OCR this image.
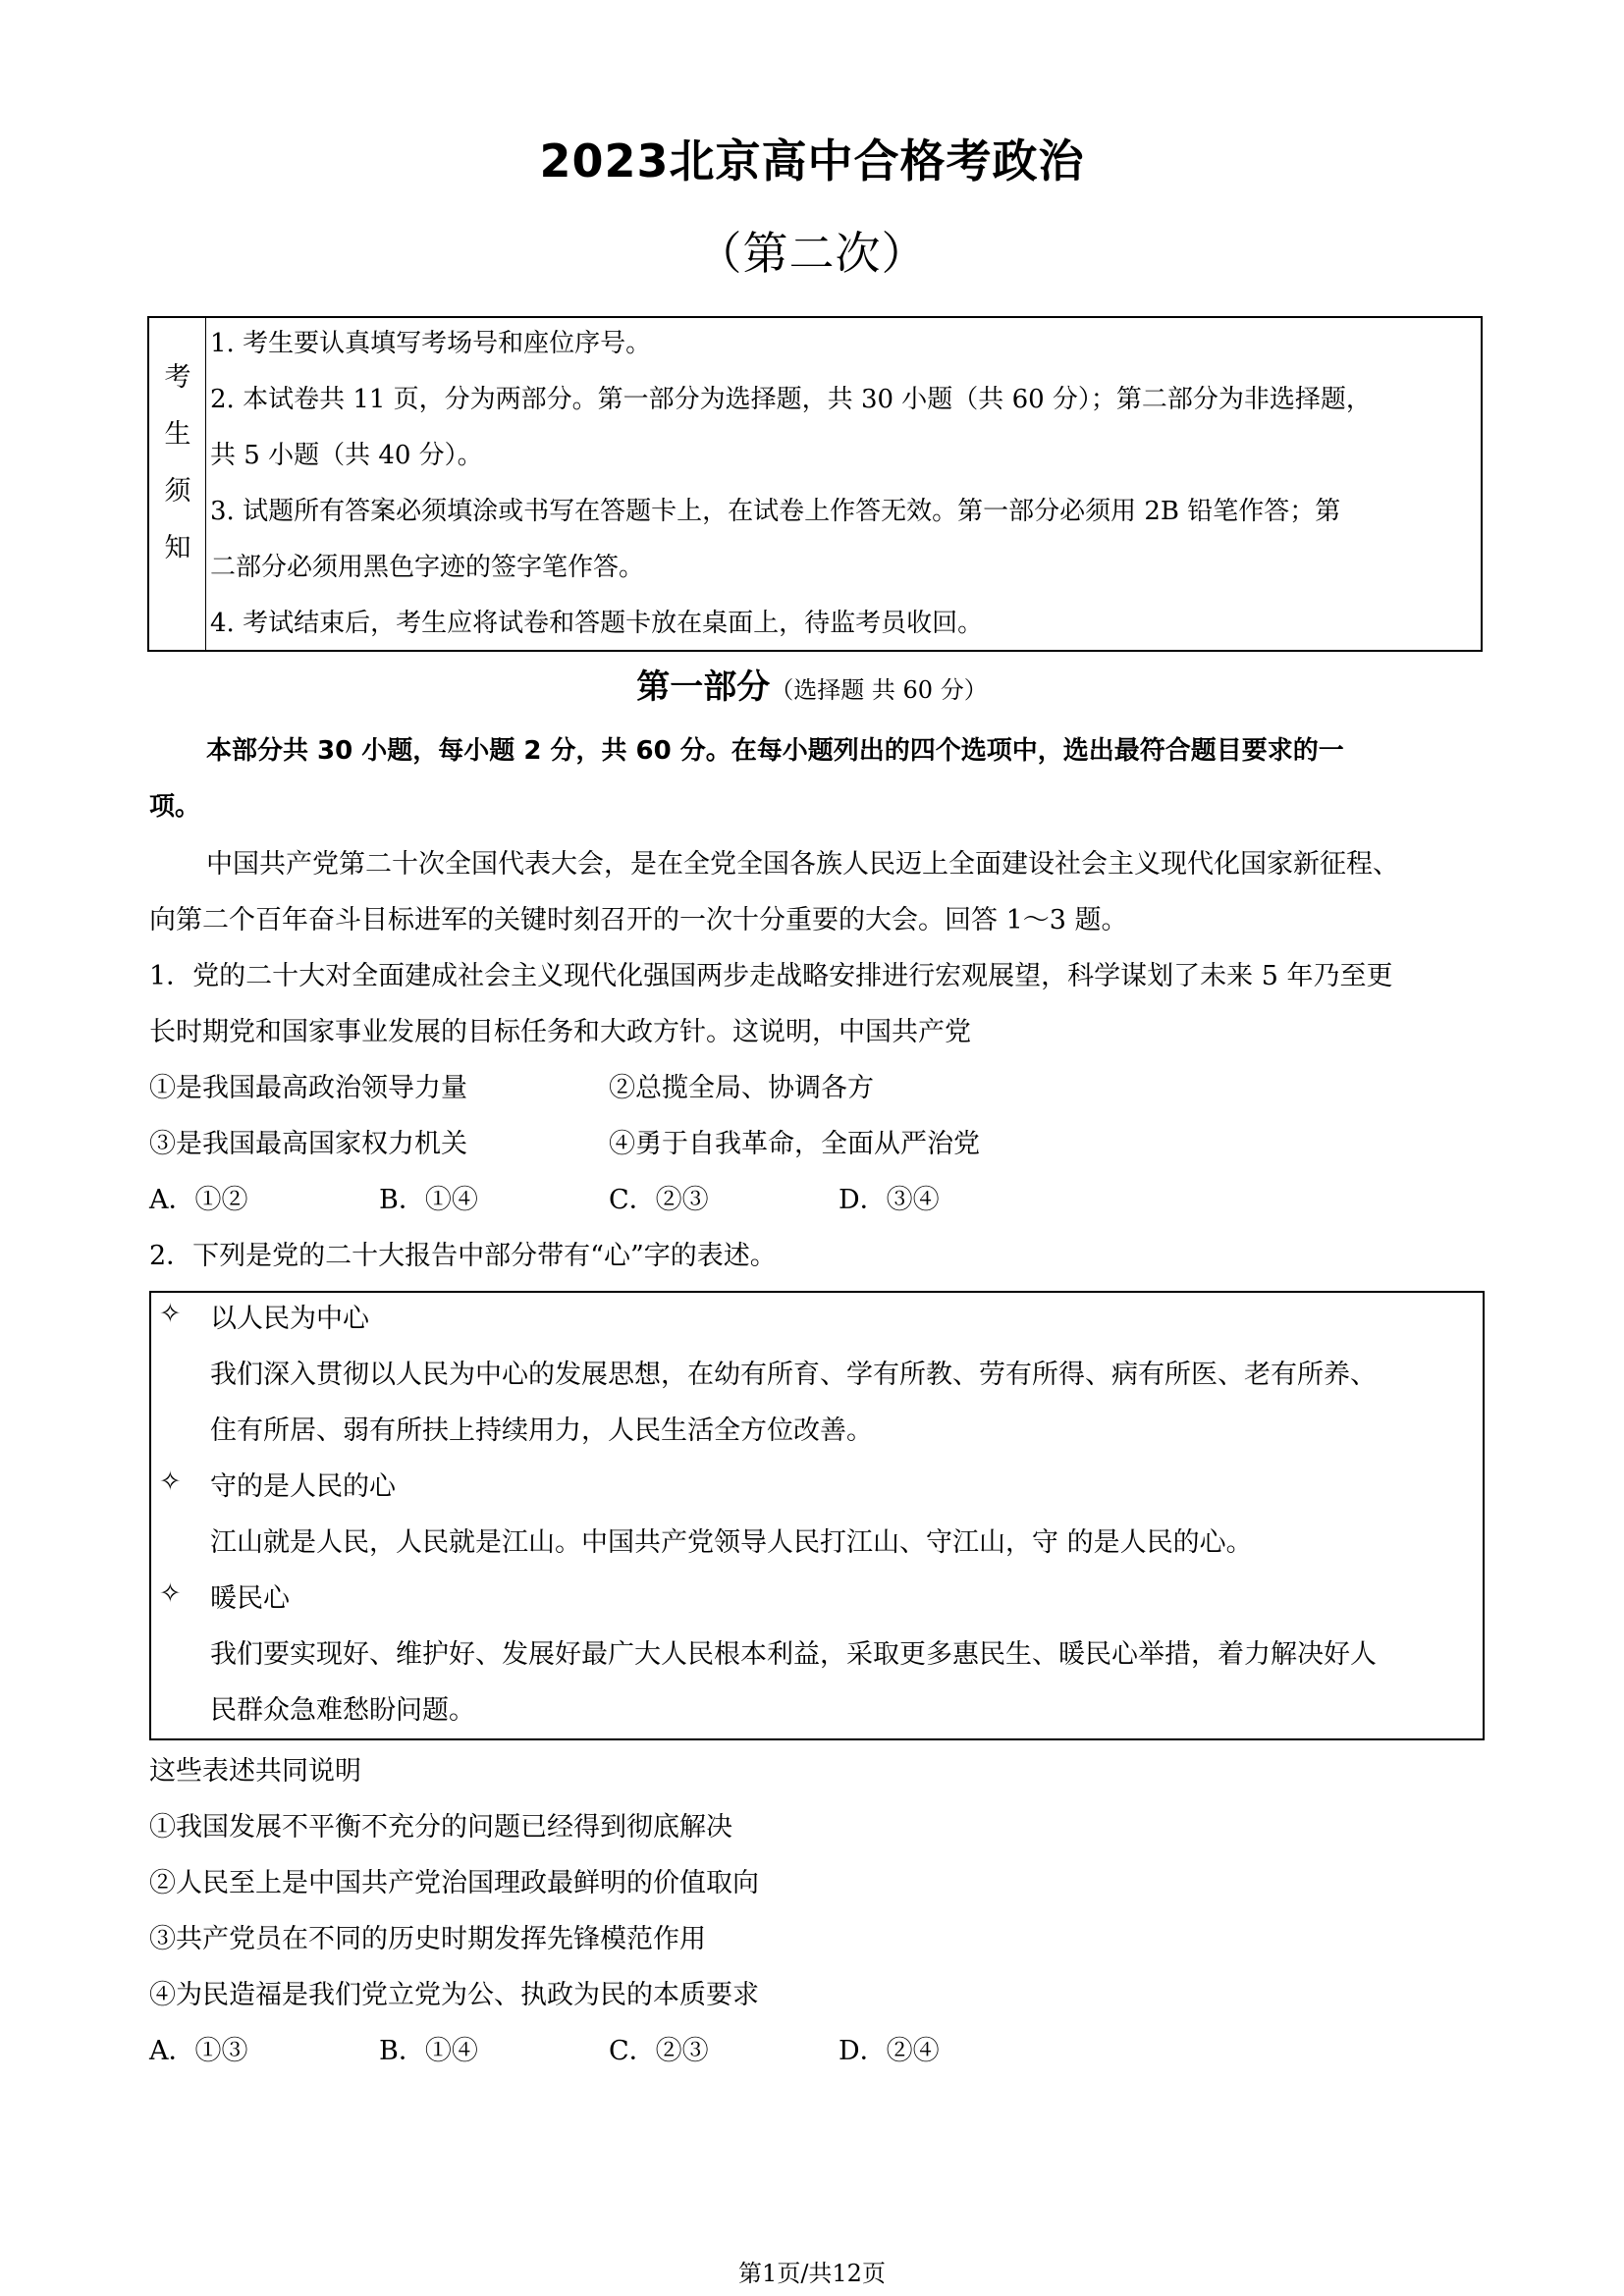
2023北京高中合格考政治
（第二次）
考
生
须
知
1. 考生要认真填写考场号和座位序号。
2. 本试卷共 11 页，分为两部分。第一部分为选择题，共 30 小题（共 60 分）；第二部分为非选择题，
共 5 小题（共 40 分）。
3. 试题所有答案必须填涂或书写在答题卡上，在试卷上作答无效。第一部分必须用 2B 铅笔作答；第
二部分必须用黑色字迹的签字笔作答。
4. 考试结束后，考生应将试卷和答题卡放在桌面上，待监考员收回。
第一部分（选择题 共 60 分）
本部分共 30 小题，每小题 2 分，共 60 分。在每小题列出的四个选项中，选出最符合题目要求的一
项。
中国共产党第二十次全国代表大会，是在全党全国各族人民迈上全面建设社会主义现代化国家新征程、
向第二个百年奋斗目标进军的关键时刻召开的一次十分重要的大会。回答 1～3 题。
1．党的二十大对全面建成社会主义现代化强国两步走战略安排进行宏观展望，科学谋划了未来 5 年乃至更
长时期党和国家事业发展的目标任务和大政方针。这说明，中国共产党
①是我国最高政治领导力量	②总揽全局、协调各方
③是我国最高国家权力机关	④勇于自我革命，全面从严治党
A．①②	B．①④	C．②③	D．③④
2．下列是党的二十大报告中部分带有“心”字的表述。
✧ 以人民为中心
我们深入贯彻以人民为中心的发展思想，在幼有所育、学有所教、劳有所得、病有所医、老有所养、
住有所居、弱有所扶上持续用力，人民生活全方位改善。
✧ 守的是人民的心
江山就是人民，人民就是江山。中国共产党领导人民打江山、守江山，守 的是人民的心。
✧ 暖民心
我们要实现好、维护好、发展好最广大人民根本利益，采取更多惠民生、暖民心举措，着力解决好人
民群众急难愁盼问题。
这些表述共同说明
①我国发展不平衡不充分的问题已经得到彻底解决
②人民至上是中国共产党治国理政最鲜明的价值取向
③共产党员在不同的历史时期发挥先锋模范作用
④为民造福是我们党立党为公、执政为民的本质要求
A．①③	B．①④	C．②③	D．②④
第1页/共12页
